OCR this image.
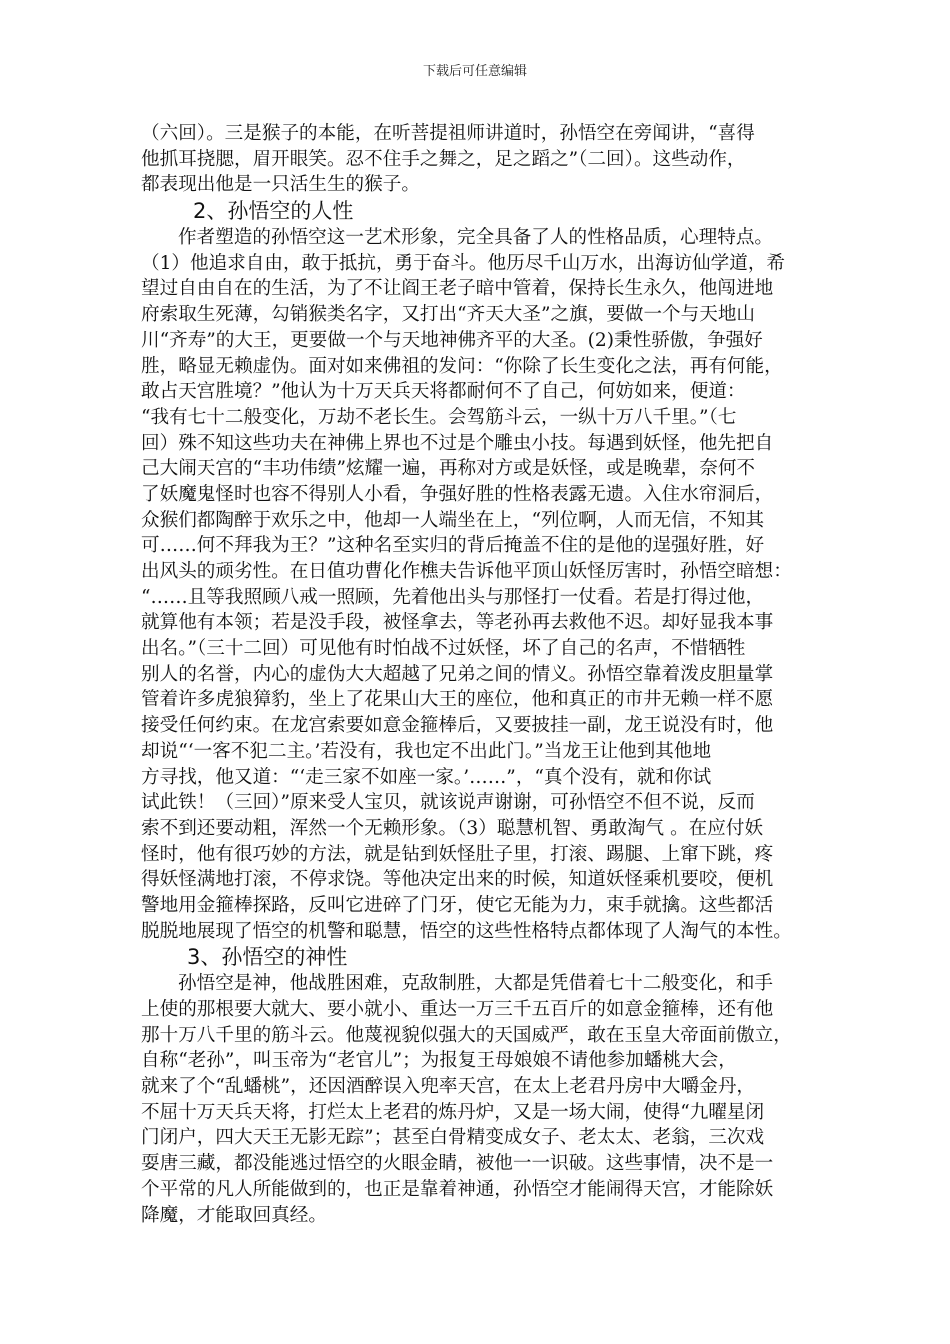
下载后可任意编辑
（六回）。三是猴子的本能，在听菩提祖师讲道时，孙悟空在旁闻讲，“喜得
他抓耳挠腮，眉开眼笑。忍不住手之舞之，足之蹈之”（二回）。这些动作，
都表现出他是一只活生生的猴子。
2、孙悟空的人性
作者塑造的孙悟空这一艺术形象，完全具备了人的性格品质，心理特点。
（1）他追求自由，敢于抵抗，勇于奋斗。他历尽千山万水，出海访仙学道，希
望过自由自在的生活，为了不让阎王老子暗中管着，保持长生永久，他闯进地
府索取生死薄，勾销猴类名字，又打出“齐天大圣”之旗，要做一个与天地山
川“齐寿”的大王，更要做一个与天地神佛齐平的大圣。(2)秉性骄傲，争强好
胜，略显无赖虚伪。面对如来佛祖的发问：“你除了长生变化之法，再有何能，
敢占天宫胜境？”他认为十万天兵天将都耐何不了自己，何妨如来，便道：
“我有七十二般变化，万劫不老长生。会驾筋斗云，一纵十万八千里。”（七
回）殊不知这些功夫在神佛上界也不过是个雕虫小技。每遇到妖怪，他先把自
己大闹天宫的“丰功伟绩”炫耀一遍，再称对方或是妖怪，或是晚辈，奈何不
了妖魔鬼怪时也容不得别人小看，争强好胜的性格表露无遗。入住水帘洞后，
众猴们都陶醉于欢乐之中，他却一人端坐在上，“列位啊，人而无信，不知其
可……何不拜我为王？”这种名至实归的背后掩盖不住的是他的逞强好胜，好
出风头的顽劣性。在日值功曹化作樵夫告诉他平顶山妖怪厉害时，孙悟空暗想：
“……且等我照顾八戒一照顾，先着他出头与那怪打一仗看。若是打得过他，
就算他有本领；若是没手段，被怪拿去，等老孙再去救他不迟。却好显我本事
出名。”（三十二回）可见他有时怕战不过妖怪，坏了自己的名声，不惜牺牲
别人的名誉，内心的虚伪大大超越了兄弟之间的情义。孙悟空靠着泼皮胆量掌
管着许多虎狼獐豹，坐上了花果山大王的座位，他和真正的市井无赖一样不愿
接受任何约束。在龙宫索要如意金箍棒后，又要披挂一副，龙王说没有时，他
却说“‘一客不犯二主。’若没有，我也定不出此门。”当龙王让他到其他地
方寻找，他又道：“‘走三家不如座一家。’……”，“真个没有，就和你试
试此铁！（三回）”原来受人宝贝，就该说声谢谢，可孙悟空不但不说，反而
索不到还要动粗，浑然一个无赖形象。（3）聪慧机智、勇敢淘气 。在应付妖
怪时，他有很巧妙的方法，就是钻到妖怪肚子里，打滚、踢腿、上窜下跳，疼
得妖怪满地打滚，不停求饶。等他决定出来的时候，知道妖怪乘机要咬，便机
警地用金箍棒探路，反叫它进碎了门牙，使它无能为力，束手就擒。这些都活
脱脱地展现了悟空的机警和聪慧，悟空的这些性格特点都体现了人淘气的本性。
3、孙悟空的神性
孙悟空是神，他战胜困难，克敌制胜，大都是凭借着七十二般变化，和手
上使的那根要大就大、要小就小、重达一万三千五百斤的如意金箍棒，还有他
那十万八千里的筋斗云。他蔑视貌似强大的天国威严，敢在玉皇大帝面前傲立，
自称“老孙”，叫玉帝为“老官儿”；为报复王母娘娘不请他参加蟠桃大会，
就来了个“乱蟠桃”，还因酒醉误入兜率天宫，在太上老君丹房中大嚼金丹，
不屈十万天兵天将，打烂太上老君的炼丹炉，又是一场大闹，使得“九曜星闭
门闭户，四大天王无影无踪”；甚至白骨精变成女子、老太太、老翁，三次戏
耍唐三藏，都没能逃过悟空的火眼金睛，被他一一识破。这些事情，决不是一
个平常的凡人所能做到的，也正是靠着神通，孙悟空才能闹得天宫，才能除妖
降魔，才能取回真经。
